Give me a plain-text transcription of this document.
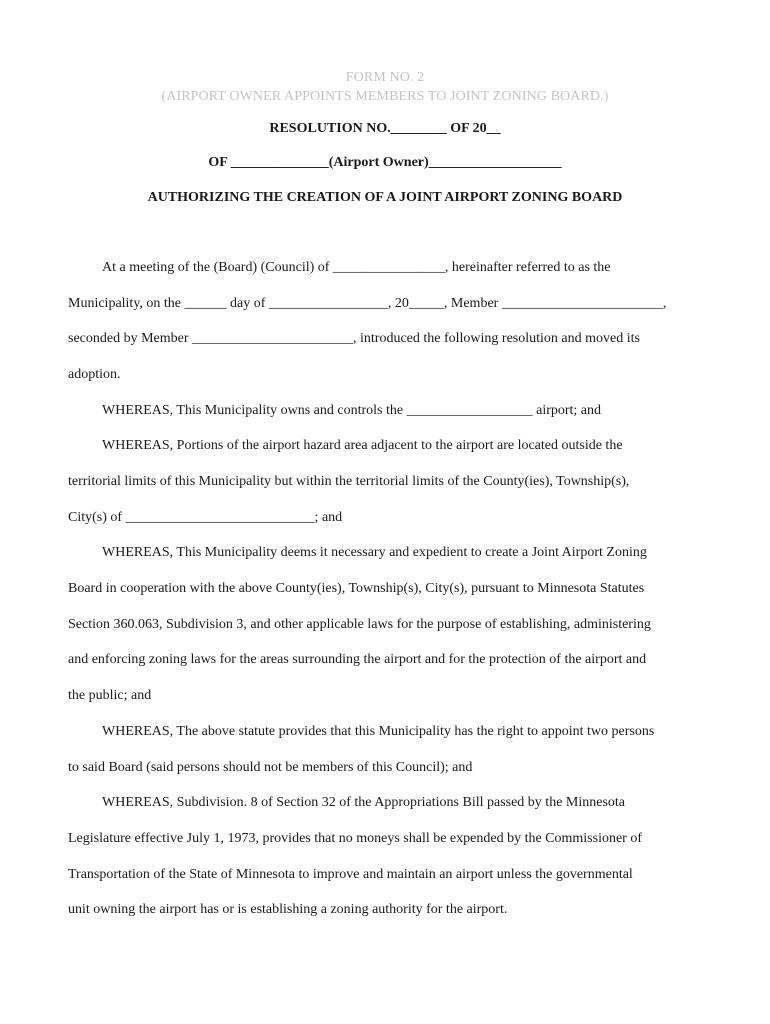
FORM NO. 2
(AIRPORT OWNER APPOINTS MEMBERS TO JOINT ZONING BOARD.)
RESOLUTION NO.________ OF 20__
OF ______________(Airport Owner)___________________
AUTHORIZING THE CREATION OF A JOINT AIRPORT ZONING BOARD
At a meeting of the (Board) (Council) of ________________, hereinafter referred to as the
Municipality, on the ______ day of _________________, 20_____, Member _______________________,
seconded by Member _______________________, introduced the following resolution and moved its
adoption.
WHEREAS, This Municipality owns and controls the __________________ airport; and
WHEREAS, Portions of the airport hazard area adjacent to the airport are located outside the
territorial limits of this Municipality but within the territorial limits of the County(ies), Township(s),
City(s) of ___________________________; and
WHEREAS, This Municipality deems it necessary and expedient to create a Joint Airport Zoning
Board in cooperation with the above County(ies), Township(s), City(s), pursuant to Minnesota Statutes
Section 360.063, Subdivision 3, and other applicable laws for the purpose of establishing, administering
and enforcing zoning laws for the areas surrounding the airport and for the protection of the airport and
the public; and
WHEREAS, The above statute provides that this Municipality has the right to appoint two persons
to said Board (said persons should not be members of this Council); and
WHEREAS, Subdivision. 8 of Section 32 of the Appropriations Bill passed by the Minnesota
Legislature effective July 1, 1973, provides that no moneys shall be expended by the Commissioner of
Transportation of the State of Minnesota to improve and maintain an airport unless the governmental
unit owning the airport has or is establishing a zoning authority for the airport.
